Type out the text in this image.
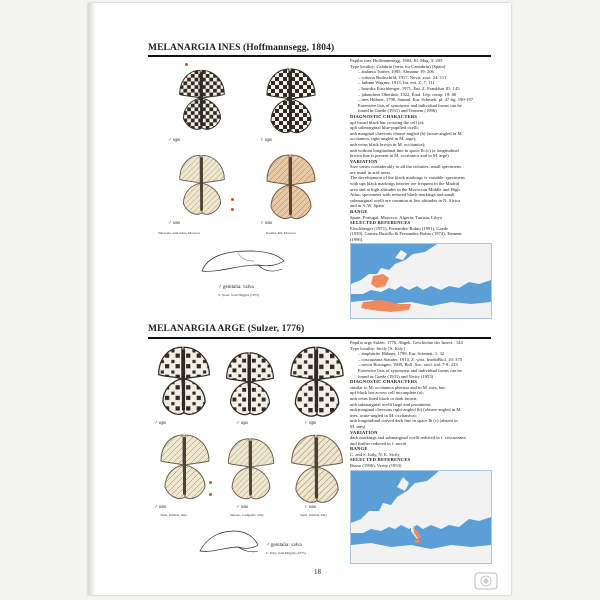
MELANARGIA INES (Hoffmannsegg, 1804)

Papilio ines Hoffmannsegg, 1804, Ill. Mag. 3: 205

Type locality: Calabria (error for Cantabria) [Spain]

– atalanta Turner, 1995, Almanur 19: 206

– colossa Rothschild, 1917, Novit. zool. 24: 111

– fathme Wagner, 1913, Int. ent. Z. 7: 111

– hourdia Eitschberger, 1971, Ent. Z. Frankfurt 81: 145

– jahandiezi Oberthür, 1922, Étud. Lép. comp. 19: 80

– ines Hübner, 1798, Samml. Eur. Schmett. pl. 47 fig. 190-197

Extensive lists of synonyms and individual forms can be

found in Gaede (1931) and Tennent (1996)

DIAGNOSTIC CHARACTERS

upf broad black bar crossing the cell (a);

uph submarginal blue-pupilled ocelli;

unh marginal chevrons obtuse-angled (b) (acute-angled in M.

occitanica, right-angled in M. arge);

unh veins black brown in M. occitanica);

unh without longitudinal line in space Ib (c) (a longitudinal

brown line is present in M. occitanica and in M. arge)

VARIATION

Size varies considerably in all the colonies, small specimens

are usual in arid areas.

The development of the black markings is variable: specimens

with ups black markings heavier are frequent in the Madrid

area and at high altitudes in the Moroccan Middle and High

Atlas; specimens with reduced black markings and small

submarginal ocelli are common at low altitudes in N. Africa

and in S. W. Spain

RANGE

Spain, Portugal, Morocco, Algeria, Tunisia, Libya

SELECTED REFERENCES

Eitschberger (1971), Fernandez-Rubio (1991), Gaede

(1939), Gomez Bustillo & Fernandez-Rubio (1974), Tennent

(1996)

♂ ups	♀ ups
♂ uns	♀ uns
Tafraoute, Anti Atlas, Morocco	Kenitra, Rif, Morocco
♂ genitalia: valva
S. Spain, from Higgins (1975)
MELANARGIA ARGE (Sulzer, 1776)

Papilio arge Sulzer, 1776, Abgek. Geschichte der Insect.: 144

Type locality: Sicily [S. Italy]

– amphitrite Hübner, 1799, Eur. Schmett. 1: 32

– coscuzzana Stauder, 1914, Z. wiss. InsektBiol. 10: 375

– noviti Rostagno, 1909, Boll. Soc. zool. ital. 7-8: 233

Extensive lists of synonyms and individual forms can be

found in Gaede (1931) and Verity (1953)

DIAGNOSTIC CHARACTERS

similar to M. occitanica pherusa and to M. ines, but:

upf black bar across cell incomplete (a);

unh veins lined black or dark brown;

unh submarginal ocelli large and prominent;

unh marginal chevrons right-angled (b) (obtuse-angled in M.

ines, acute-angled in M. occitanica);

unh longitudinal curved dark line in space Ib (c) (absent in

M. ines)

VARIATION

dark markings and submarginal ocelli reduced in f. coscuzzana

and further reduced in f. noviti

RANGE

C. and S. Italy, N. E. Sicily

SELECTED REFERENCES

Russo (1996), Verity (1953)

♂ ups	♂ ups	♀ ups
♂ uns	♂ uns	♀ uns
Terni, Umbria, Italy	Salerno, Campania, Italy	Terni, Umbria, Italy
♂ genitalia: valva
C. Italy, from Higgins (1975)
18
